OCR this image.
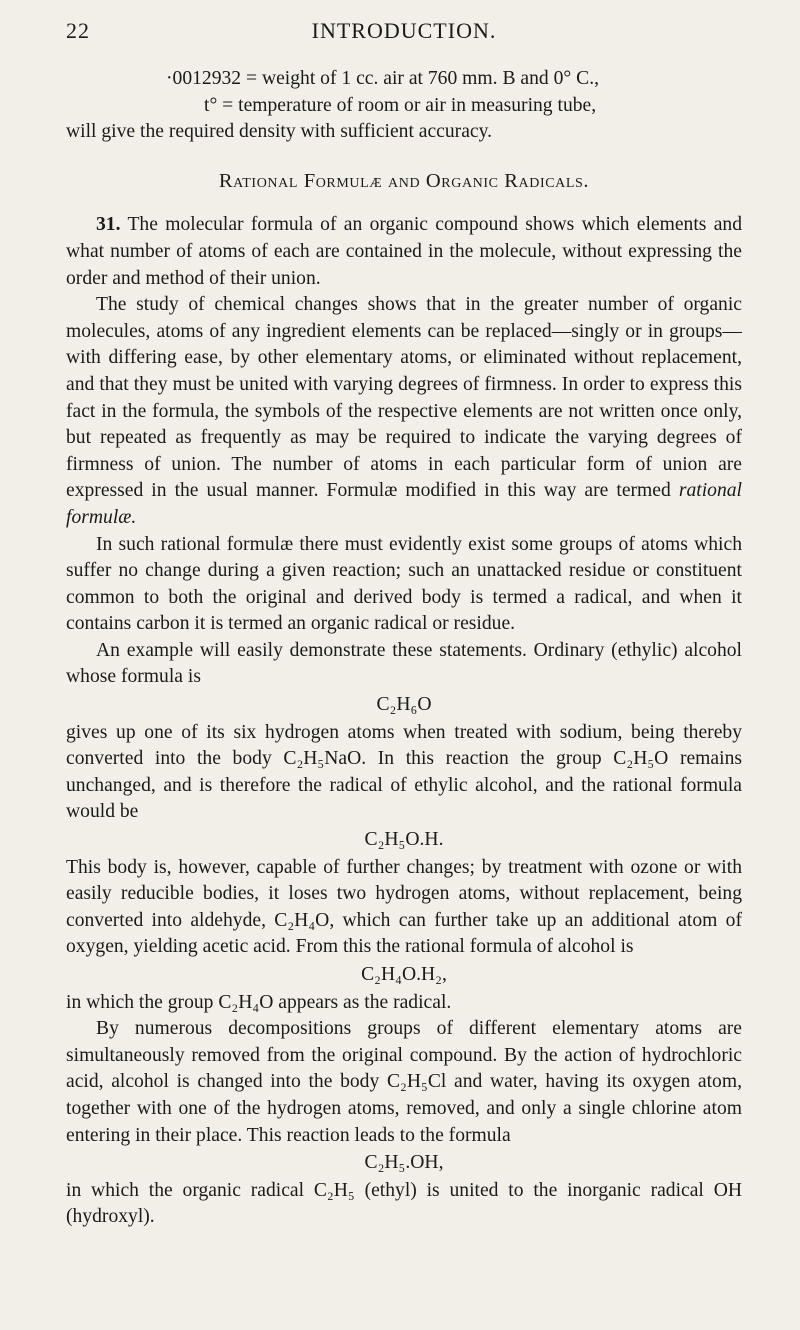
22	INTRODUCTION.
·0012932 = weight of 1 cc. air at 760 mm. B and 0° C.,
t° = temperature of room or air in measuring tube,

will give the required density with sufficient accuracy.

Rational Formulæ and Organic Radicals.

31. The molecular formula of an organic compound shows which elements and what number of atoms of each are contained in the molecule, without expressing the order and method of their union.

The study of chemical changes shows that in the greater number of organic molecules, atoms of any ingredient elements can be replaced—singly or in groups—with differing ease, by other elementary atoms, or eliminated without replacement, and that they must be united with varying degrees of firmness. In order to express this fact in the formula, the symbols of the respective elements are not written once only, but repeated as frequently as may be required to indicate the varying degrees of firmness of union. The number of atoms in each particular form of union are expressed in the usual manner. Formulæ modified in this way are termed rational formulæ.

In such rational formulæ there must evidently exist some groups of atoms which suffer no change during a given reaction; such an unattacked residue or constituent common to both the original and derived body is termed a radical, and when it contains carbon it is termed an organic radical or residue.

An example will easily demonstrate these statements. Ordinary (ethylic) alcohol whose formula is

C₂H₆O

gives up one of its six hydrogen atoms when treated with sodium, being thereby converted into the body C₂H₅NaO. In this reaction the group C₂H₅O remains unchanged, and is therefore the radical of ethylic alcohol, and the rational formula would be

C₂H₅O.H.

This body is, however, capable of further changes; by treatment with ozone or with easily reducible bodies, it loses two hydrogen atoms, without replacement, being converted into aldehyde, C₂H₄O, which can further take up an additional atom of oxygen, yielding acetic acid. From this the rational formula of alcohol is

C₂H₄O.H₂,

in which the group C₂H₄O appears as the radical.

By numerous decompositions groups of different elementary atoms are simultaneously removed from the original compound. By the action of hydrochloric acid, alcohol is changed into the body C₂H₅Cl and water, having its oxygen atom, together with one of the hydrogen atoms, removed, and only a single chlorine atom entering in their place. This reaction leads to the formula

C₂H₅.OH,

in which the organic radical C₂H₅ (ethyl) is united to the inorganic radical OH (hydroxyl).
